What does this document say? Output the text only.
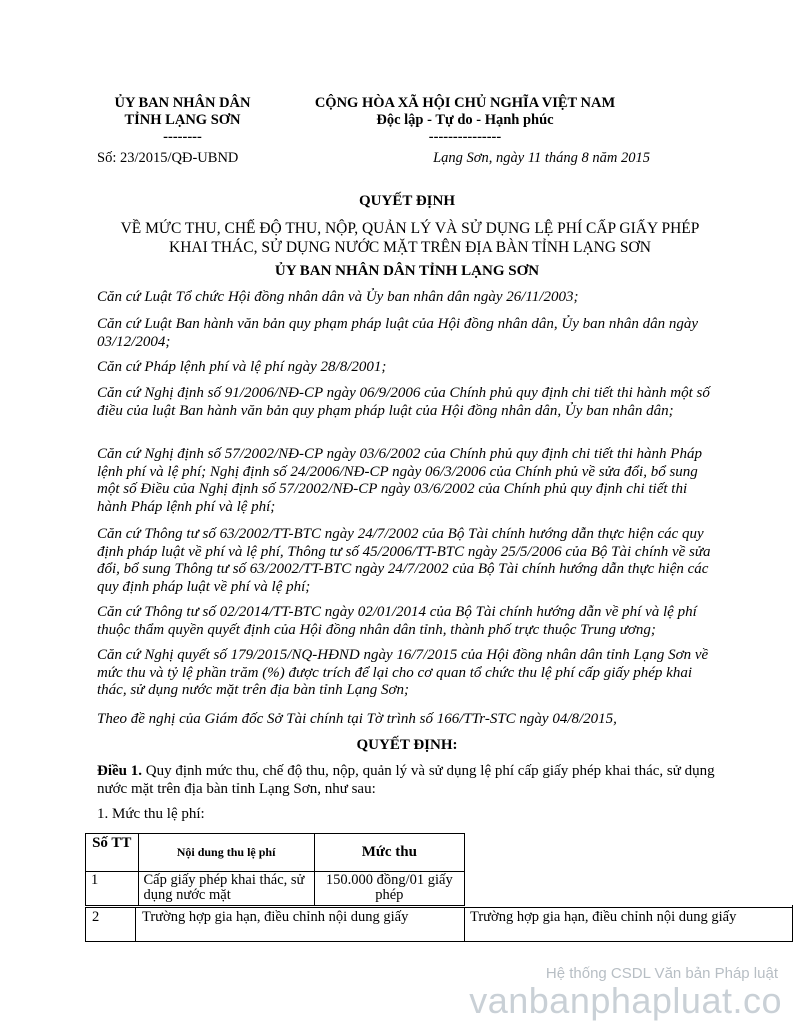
ỦY BAN NHÂN DÂN
TỈNH LẠNG SƠN
--------
Số: 23/2015/QĐ-UBND
CỘNG HÒA XÃ HỘI CHỦ NGHĨA VIỆT NAM
Độc lập - Tự do - Hạnh phúc
---------------
Lạng Sơn, ngày 11 tháng 8 năm 2015
QUYẾT ĐỊNH
VỀ MỨC THU, CHẾ ĐỘ THU, NỘP, QUẢN LÝ VÀ SỬ DỤNG LỆ PHÍ CẤP GIẤY PHÉP
KHAI THÁC, SỬ DỤNG NƯỚC MẶT TRÊN ĐỊA BÀN TỈNH LẠNG SƠN
ỦY BAN NHÂN DÂN TỈNH LẠNG SƠN
Căn cứ Luật Tổ chức Hội đồng nhân dân và Ủy ban nhân dân ngày 26/11/2003;
Căn cứ Luật Ban hành văn bản quy phạm pháp luật của Hội đồng nhân dân, Ủy ban nhân dân ngày 03/12/2004;
Căn cứ Pháp lệnh phí và lệ phí ngày 28/8/2001;
Căn cứ Nghị định số 91/2006/NĐ-CP ngày 06/9/2006 của Chính phủ quy định chi tiết thi hành một số điều của luật Ban hành văn bản quy phạm pháp luật của Hội đồng nhân dân, Ủy ban nhân dân;
Căn cứ Nghị định số 57/2002/NĐ-CP ngày 03/6/2002 của Chính phủ quy định chi tiết thi hành Pháp lệnh phí và lệ phí; Nghị định số 24/2006/NĐ-CP ngày 06/3/2006 của Chính phủ về sửa đổi, bổ sung một số Điều của Nghị định số 57/2002/NĐ-CP ngày 03/6/2002 của Chính phủ quy định chi tiết thi hành Pháp lệnh phí và lệ phí;
Căn cứ Thông tư số 63/2002/TT-BTC ngày 24/7/2002 của Bộ Tài chính hướng dẫn thực hiện các quy định pháp luật về phí và lệ phí, Thông tư số 45/2006/TT-BTC ngày 25/5/2006 của Bộ Tài chính về sửa đổi, bổ sung Thông tư số 63/2002/TT-BTC ngày 24/7/2002 của Bộ Tài chính hướng dẫn thực hiện các quy định pháp luật về phí và lệ phí;
Căn cứ Thông tư số 02/2014/TT-BTC ngày 02/01/2014 của Bộ Tài chính hướng dẫn về phí và lệ phí thuộc thẩm quyền quyết định của Hội đồng nhân dân tỉnh, thành phố trực thuộc Trung ương;
Căn cứ Nghị quyết số 179/2015/NQ-HĐND ngày 16/7/2015 của Hội đồng nhân dân tỉnh Lạng Sơn về mức thu và tỷ lệ phần trăm (%) được trích để lại cho cơ quan tổ chức thu lệ phí cấp giấy phép khai thác, sử dụng nước mặt trên địa bàn tỉnh Lạng Sơn;
Theo đề nghị của Giám đốc Sở Tài chính tại Tờ trình số 166/TTr-STC ngày 04/8/2015,
QUYẾT ĐỊNH:
Điều 1. Quy định mức thu, chế độ thu, nộp, quản lý và sử dụng lệ phí cấp giấy phép khai thác, sử dụng nước mặt trên địa bàn tỉnh Lạng Sơn, như sau:
1. Mức thu lệ phí:
Số TT	Nội dung thu lệ phí	Mức thu
1	Cấp giấy phép khai thác, sử dụng nước mặt	150.000 đồng/01 giấy phép
2	Trường hợp gia hạn, điều chỉnh nội dung giấy	Trường hợp gia hạn, điều chỉnh nội dung giấy
Hệ thống CSDL Văn bản Pháp luật
vanbanphapluat.co
